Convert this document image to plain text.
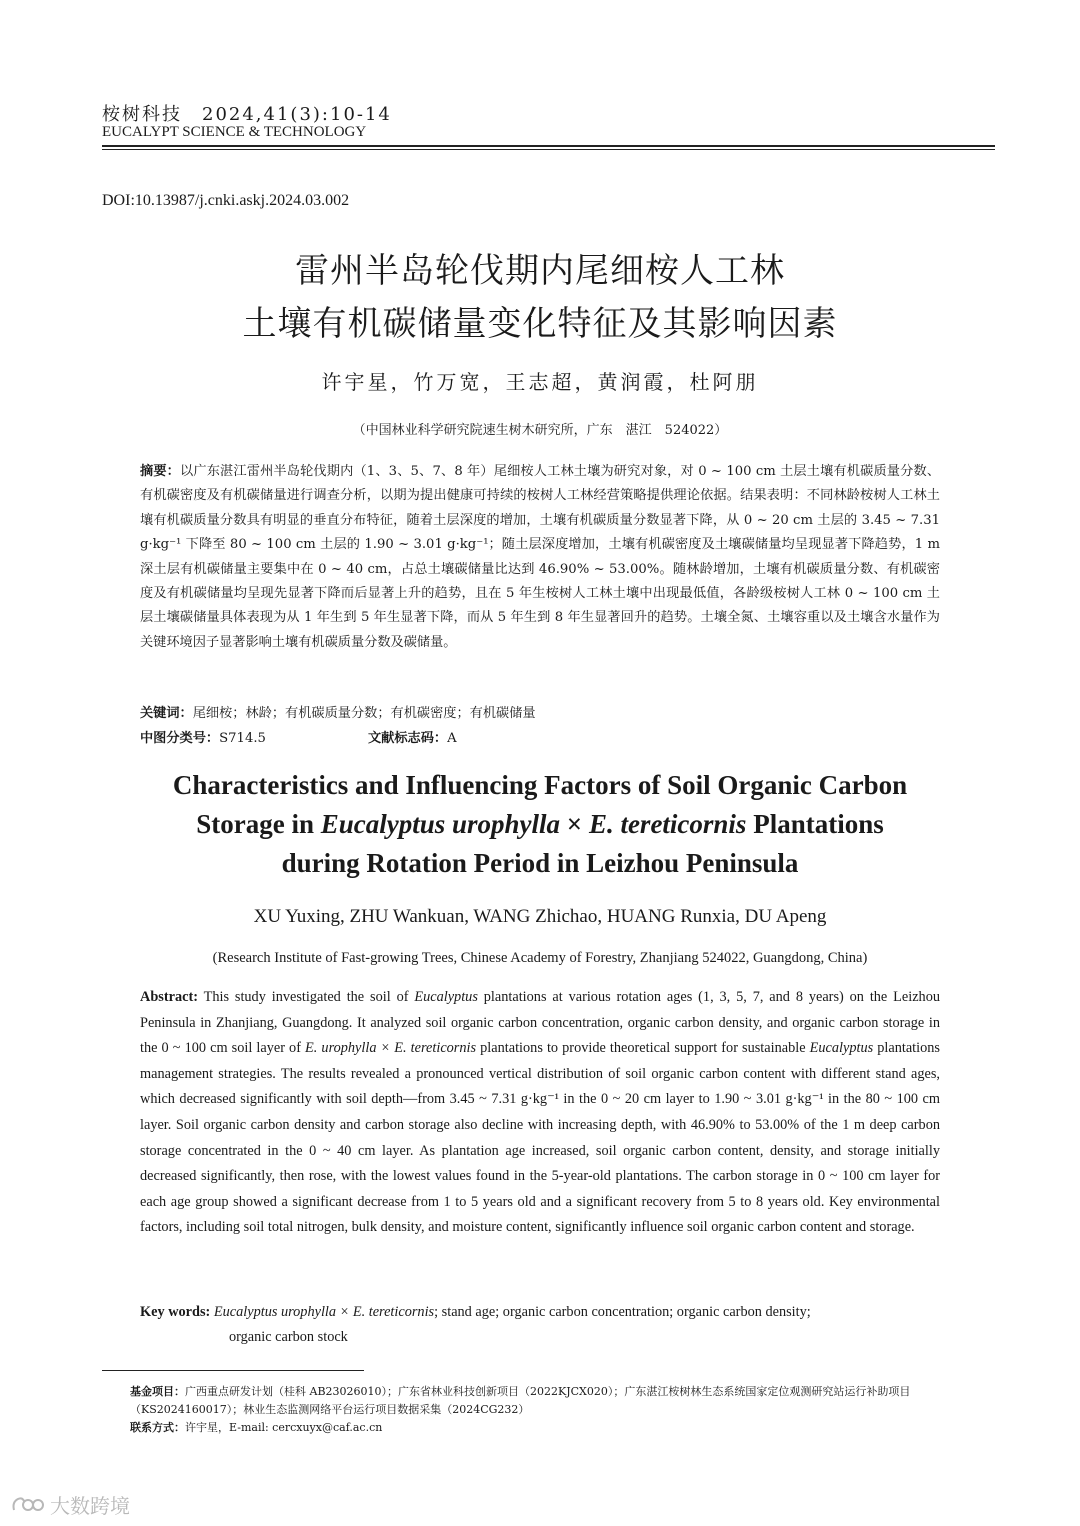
桉树科技　2024,41(3):10-14
EUCALYPT SCIENCE & TECHNOLOGY
DOI:10.13987/j.cnki.askj.2024.03.002
雷州半岛轮伐期内尾细桉人工林
土壤有机碳储量变化特征及其影响因素
许宇星，竹万宽，王志超，黄润霞，杜阿朋
（中国林业科学研究院速生树木研究所，广东　湛江　524022）
摘要：以广东湛江雷州半岛轮伐期内（1、3、5、7、8 年）尾细桉人工林土壤为研究对象，对 0 ~ 100 cm 土层土壤有机碳质量分数、有机碳密度及有机碳储量进行调查分析，以期为提出健康可持续的桉树人工林经营策略提供理论依据。结果表明：不同林龄桉树人工林土壤有机碳质量分数具有明显的垂直分布特征，随着土层深度的增加，土壤有机碳质量分数显著下降，从 0 ~ 20 cm 土层的 3.45 ~ 7.31 g·kg⁻¹ 下降至 80 ~ 100 cm 土层的 1.90 ~ 3.01 g·kg⁻¹；随土层深度增加，土壤有机碳密度及土壤碳储量均呈现显著下降趋势，1 m 深土层有机碳储量主要集中在 0 ~ 40 cm，占总土壤碳储量比达到 46.90% ~ 53.00%。随林龄增加，土壤有机碳质量分数、有机碳密度及有机碳储量均呈现先显著下降而后显著上升的趋势，且在 5 年生桉树人工林土壤中出现最低值，各龄级桉树人工林 0 ~ 100 cm 土层土壤碳储量具体表现为从 1 年生到 5 年生显著下降，而从 5 年生到 8 年生显著回升的趋势。土壤全氮、土壤容重以及土壤含水量作为关键环境因子显著影响土壤有机碳质量分数及碳储量。
关键词：尾细桉；林龄；有机碳质量分数；有机碳密度；有机碳储量
中图分类号：S714.5	文献标志码：A
Characteristics and Influencing Factors of Soil Organic Carbon
Storage in Eucalyptus urophylla × E. tereticornis Plantations
during Rotation Period in Leizhou Peninsula
XU Yuxing, ZHU Wankuan, WANG Zhichao, HUANG Runxia, DU Apeng
(Research Institute of Fast-growing Trees, Chinese Academy of Forestry, Zhanjiang 524022, Guangdong, China)
Abstract: This study investigated the soil of Eucalyptus plantations at various rotation ages (1, 3, 5, 7, and 8 years) on the Leizhou Peninsula in Zhanjiang, Guangdong. It analyzed soil organic carbon concentration, organic carbon density, and organic carbon storage in the 0 ~ 100 cm soil layer of E. urophylla × E. tereticornis plantations to provide theoretical support for sustainable Eucalyptus plantations management strategies. The results revealed a pronounced vertical distribution of soil organic carbon content with different stand ages, which decreased significantly with soil depth—from 3.45 ~ 7.31 g·kg⁻¹ in the 0 ~ 20 cm layer to 1.90 ~ 3.01 g·kg⁻¹ in the 80 ~ 100 cm layer. Soil organic carbon density and carbon storage also decline with increasing depth, with 46.90% to 53.00% of the 1 m deep carbon storage concentrated in the 0 ~ 40 cm layer. As plantation age increased, soil organic carbon content, density, and storage initially decreased significantly, then rose, with the lowest values found in the 5-year-old plantations. The carbon storage in 0 ~ 100 cm layer for each age group showed a significant decrease from 1 to 5 years old and a significant recovery from 5 to 8 years old. Key environmental factors, including soil total nitrogen, bulk density, and moisture content, significantly influence soil organic carbon content and storage.
Key words: Eucalyptus urophylla × E. tereticornis; stand age; organic carbon concentration; organic carbon density;
organic carbon stock
基金项目：广西重点研发计划（桂科 AB23026010）；广东省林业科技创新项目（2022KJCX020）；广东湛江桉树林生态系统国家定位观测研究站运行补助项目（KS2024160017）；林业生态监测网络平台运行项目数据采集（2024CG232）
联系方式：许宇星，E-mail: cercxuyx@caf.ac.cn
大数跨境
